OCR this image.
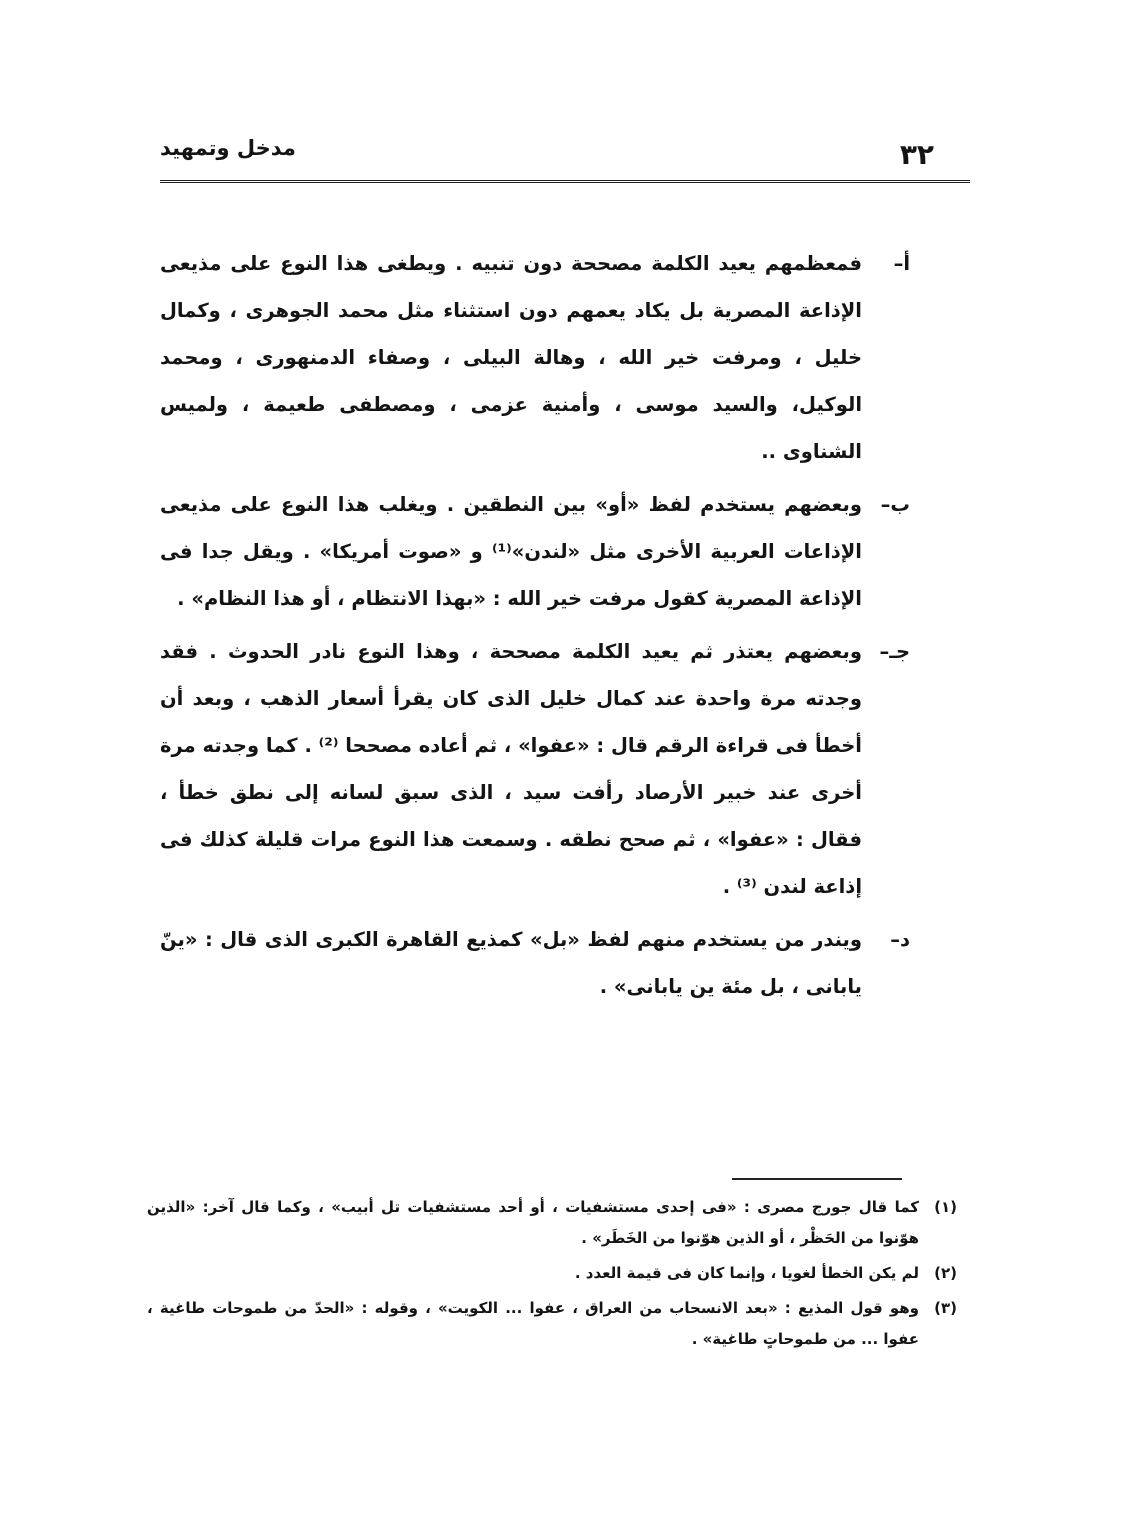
٣٢
مدخل وتمهيد
أ–
فمعظمهم يعيد الكلمة مصححة دون تنبيه . ويطغى هذا النوع على مذيعى الإذاعة المصرية بل يكاد يعمهم دون استثناء مثل محمد الجوهرى ، وكمال خليل ، ومرفت خير الله ، وهالة البيلى ، وصفاء الدمنهورى ، ومحمد الوكيل، والسيد موسى ، وأمنية عزمى ، ومصطفى طعيمة ، ولميس الشناوى ..
ب–
وبعضهم يستخدم لفظ «أو» بين النطقين . ويغلب هذا النوع على مذيعى الإذاعات العربية الأخرى مثل «لندن»⁽¹⁾ و «صوت أمريكا» . ويقل جدا فى الإذاعة المصرية كقول مرفت خير الله : «بهذا الانتظام ، أو هذا النظام» .
جـ–
وبعضهم يعتذر ثم يعيد الكلمة مصححة ، وهذا النوع نادر الحدوث . فقد وجدته مرة واحدة عند كمال خليل الذى كان يقرأ أسعار الذهب ، وبعد أن أخطأ فى قراءة الرقم قال : «عفوا» ، ثم أعاده مصححا ⁽²⁾ . كما وجدته مرة أخرى عند خبير الأرصاد رأفت سيد ، الذى سبق لسانه إلى نطق خطأ ، فقال : «عفوا» ، ثم صحح نطقه . وسمعت هذا النوع مرات قليلة كذلك فى إذاعة لندن ⁽³⁾ .
د–
ويندر من يستخدم منهم لفظ «بل» كمذيع القاهرة الكبرى الذى قال : «ينّ يابانى ، بل مئة ين يابانى» .
(١)
كما قال جورج مصرى : «فى إحدى مستشفيات ، أو أحد مستشفيات تل أبيب» ، وكما قال آخر: «الذين هوّنوا من الحَظْر ، أو الذين هوّنوا من الخَطَر» .
(٢)
لم يكن الخطأ لغويا ، وإنما كان فى قيمة العدد .
(٣)
وهو قول المذيع : «بعد الانسحاب من العراق ، عفوا ... الكويت» ، وقوله : «الحدّ من طموحات طاغية ، عفوا ... من طموحاتٍ طاغية» .
